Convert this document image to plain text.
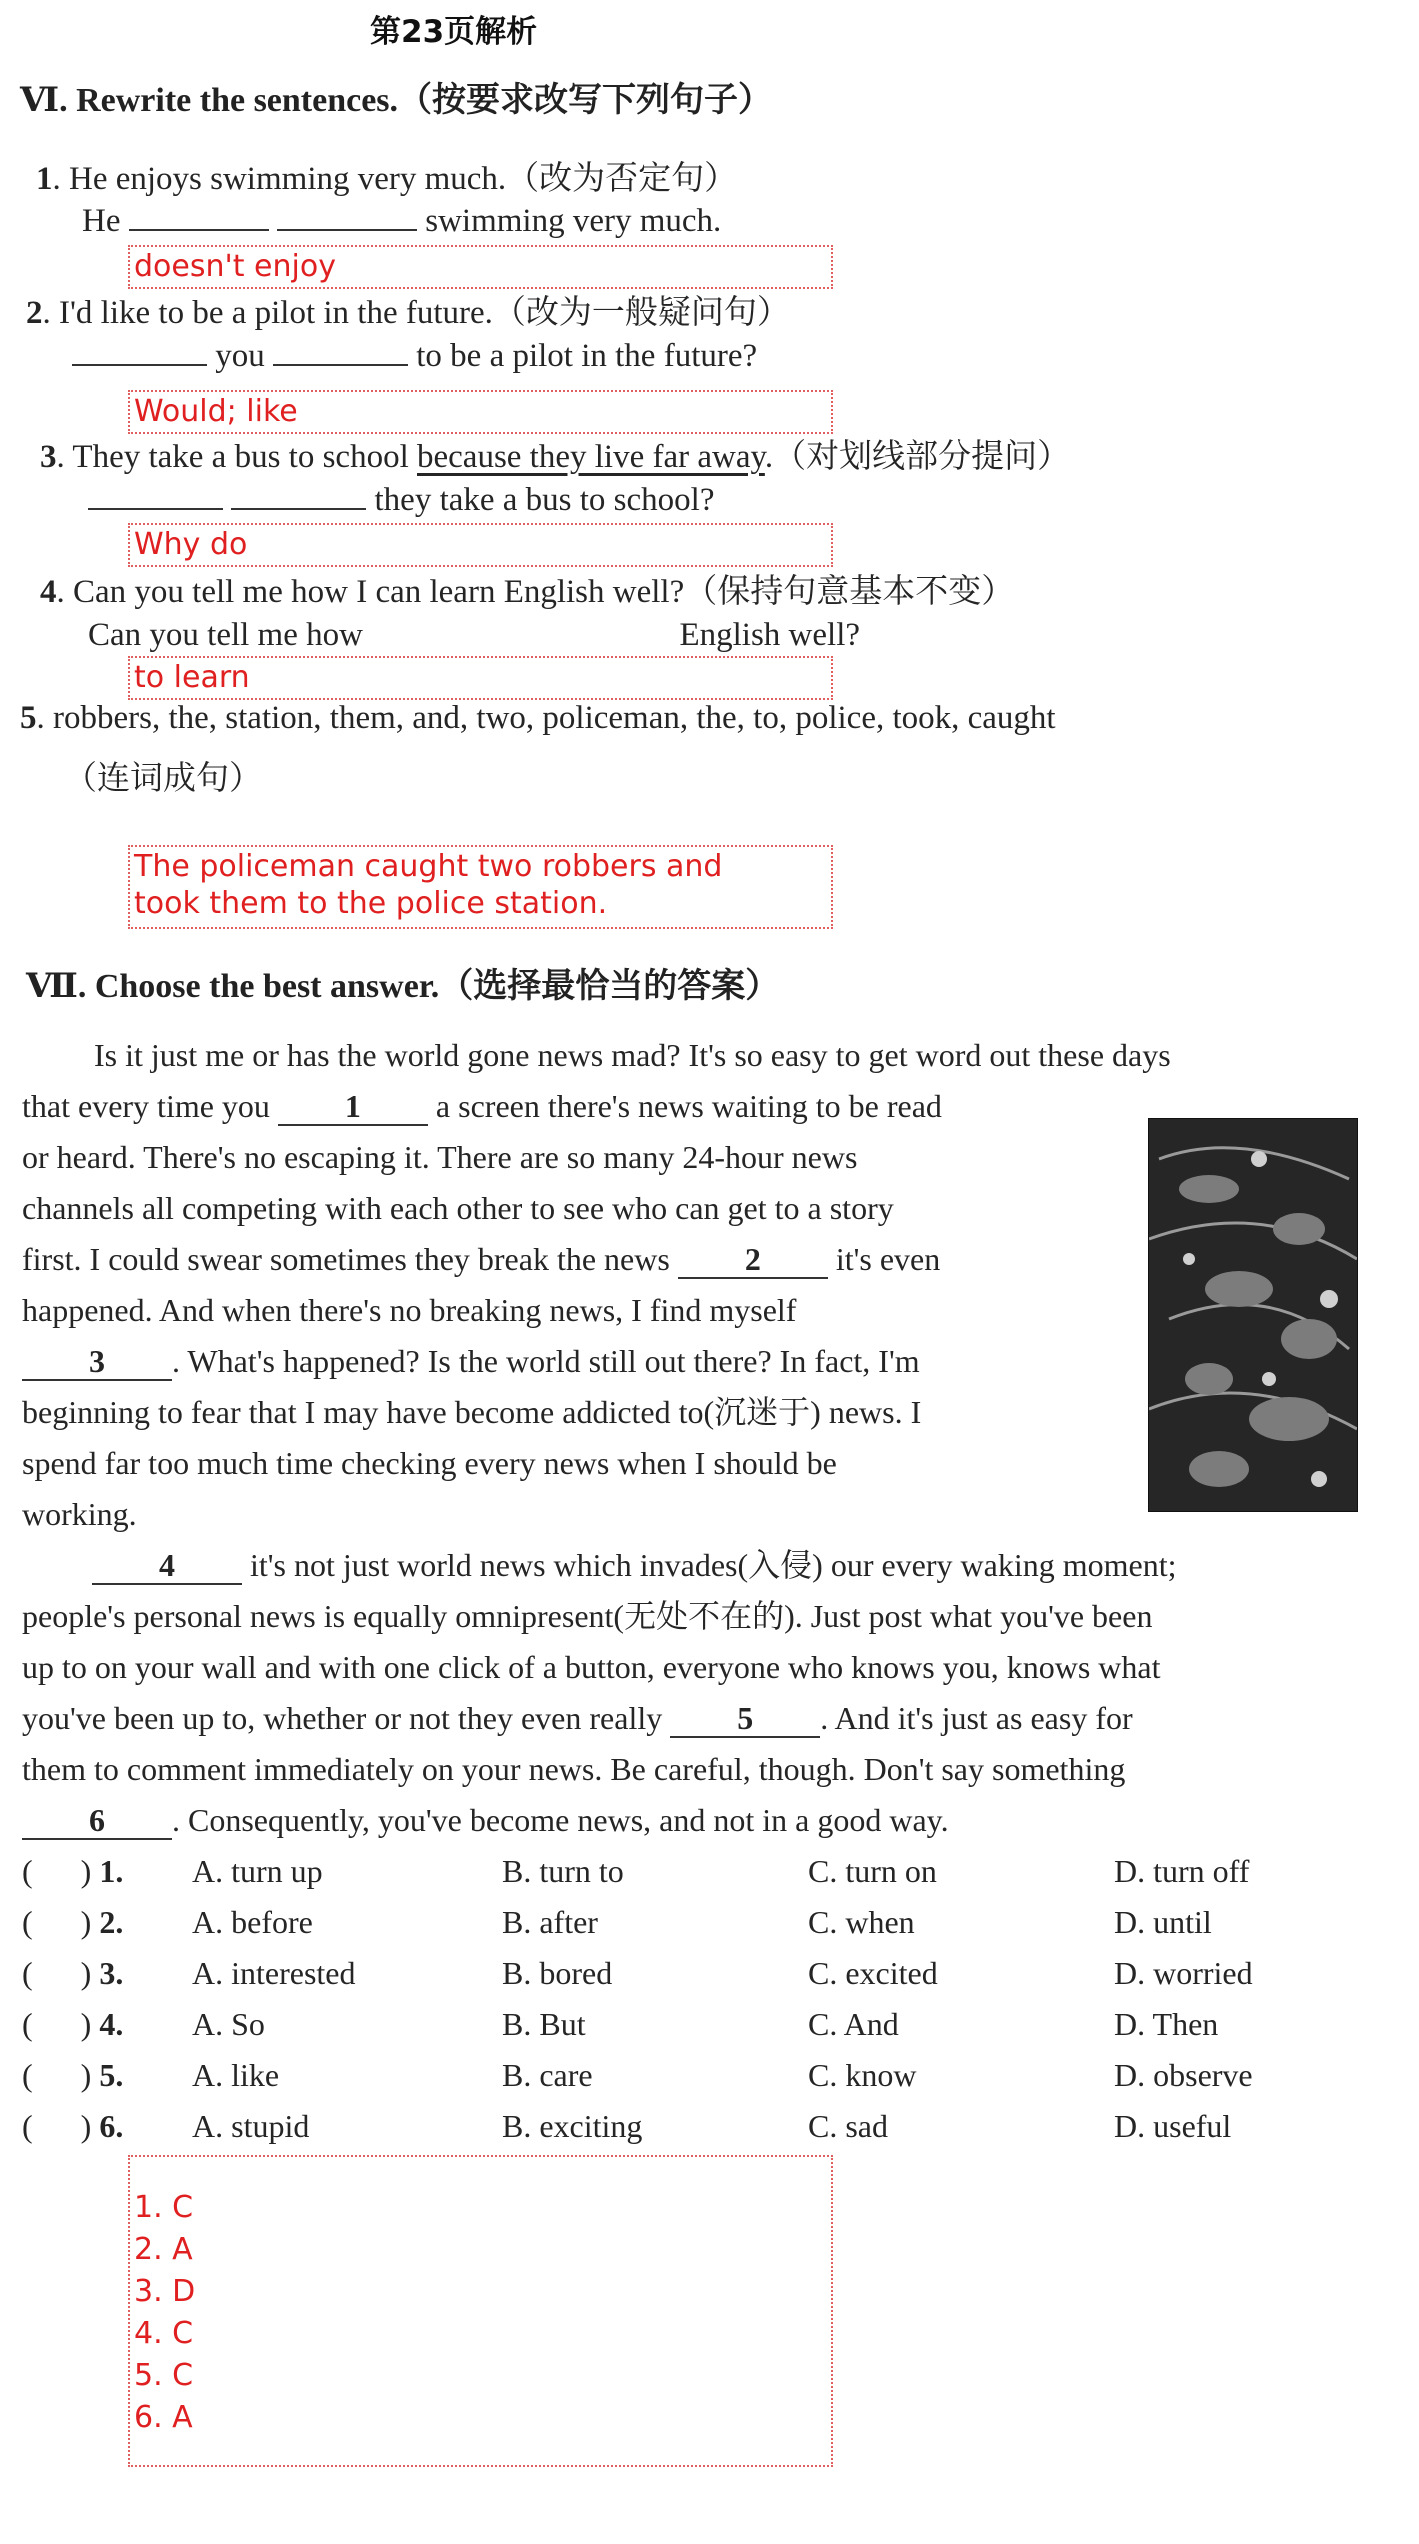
第23页解析
Ⅵ. Rewrite the sentences.（按要求改写下列句子）
1. He enjoys swimming very much.（改为否定句）
He	swimming very much.
doesn't enjoy
2. I'd like to be a pilot in the future.（改为一般疑问句）
you	to be a pilot in the future?
Would; like
3. They take a bus to school because they live far away.（对划线部分提问）
they take a bus to school?
Why do
4. Can you tell me how I can learn English well?（保持句意基本不变）
Can you tell me how	English well?
to learn
5. robbers, the, station, them, and, two, policeman, the, to, police, took, caught
（连词成句）
The policeman caught two robbers and
took them to the police station.
Ⅶ. Choose the best answer.（选择最恰当的答案）
Is it just me or has the world gone news mad? It's so easy to get word out these days
that every time you 1 a screen there's news waiting to be read
or heard. There's no escaping it. There are so many 24-hour news
channels all competing with each other to see who can get to a story
first. I could swear sometimes they break the news 2 it's even
happened. And when there's no breaking news, I find myself
3 . What's happened? Is the world still out there? In fact, I'm
beginning to fear that I may have become addicted to(沉迷于) news. I
spend far too much time checking every news when I should be
working.
4 it's not just world news which invades(入侵) our every waking moment;
people's personal news is equally omnipresent(无处不在的). Just post what you've been
up to on your wall and with one click of a button, everyone who knows you, knows what
you've been up to, whether or not they even really 5 . And it's just as easy for
them to comment immediately on your news. Be careful, though. Don't say something
6 . Consequently, you've become news, and not in a good way.
(      ) 1. A. turn up	B. turn to	C. turn on	D. turn off
(      ) 2. A. before	B. after	C. when	D. until
(      ) 3. A. interested	B. bored	C. excited	D. worried
(      ) 4. A. So	B. But	C. And	D. Then
(      ) 5. A. like	B. care	C. know	D. observe
(      ) 6. A. stupid	B. exciting	C. sad	D. useful
1. C
2. A
3. D
4. C
5. C
6. A
